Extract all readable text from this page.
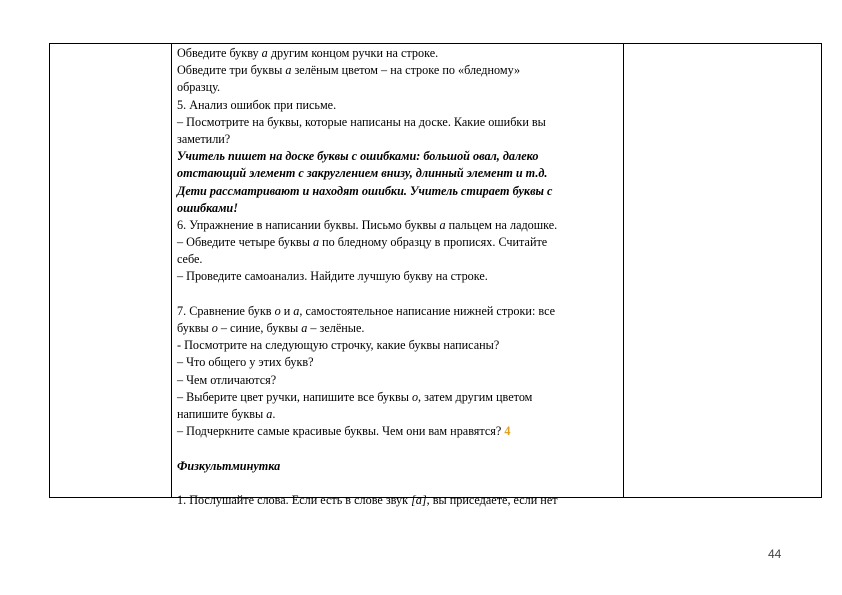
Обведите букву а другим концом ручки на строке.
Обведите три буквы а зелёным цветом – на строке по «бледному»
образцу.
5. Анализ ошибок при письме.
– Посмотрите на буквы, которые написаны на доске. Какие ошибки вы
заметили?
Учитель пишет на доске буквы с ошибками: большой овал, далеко
отстающий элемент с закруглением внизу, длинный элемент и т.д.
Дети рассматривают и находят ошибки. Учитель стирает буквы с
ошибками!
6. Упражнение в написании буквы. Письмо буквы а пальцем на ладошке.
– Обведите четыре буквы а по бледному образцу в прописях. Считайте
себе.
– Проведите самоанализ. Найдите лучшую букву на строке.
7. Сравнение букв о и а, самостоятельное написание нижней строки: все
буквы о – синие, буквы а – зелёные.
- Посмотрите на следующую строчку, какие буквы написаны?
– Что общего у этих букв?
– Чем отличаются?
– Выберите цвет ручки, напишите все буквы о, затем другим цветом
напишите буквы а.
– Подчеркните самые красивые буквы. Чем они вам нравятся? 4
Физкультминутка
1. Послушайте слова. Если есть в слове звук [а], вы приседаете, если нет
44
